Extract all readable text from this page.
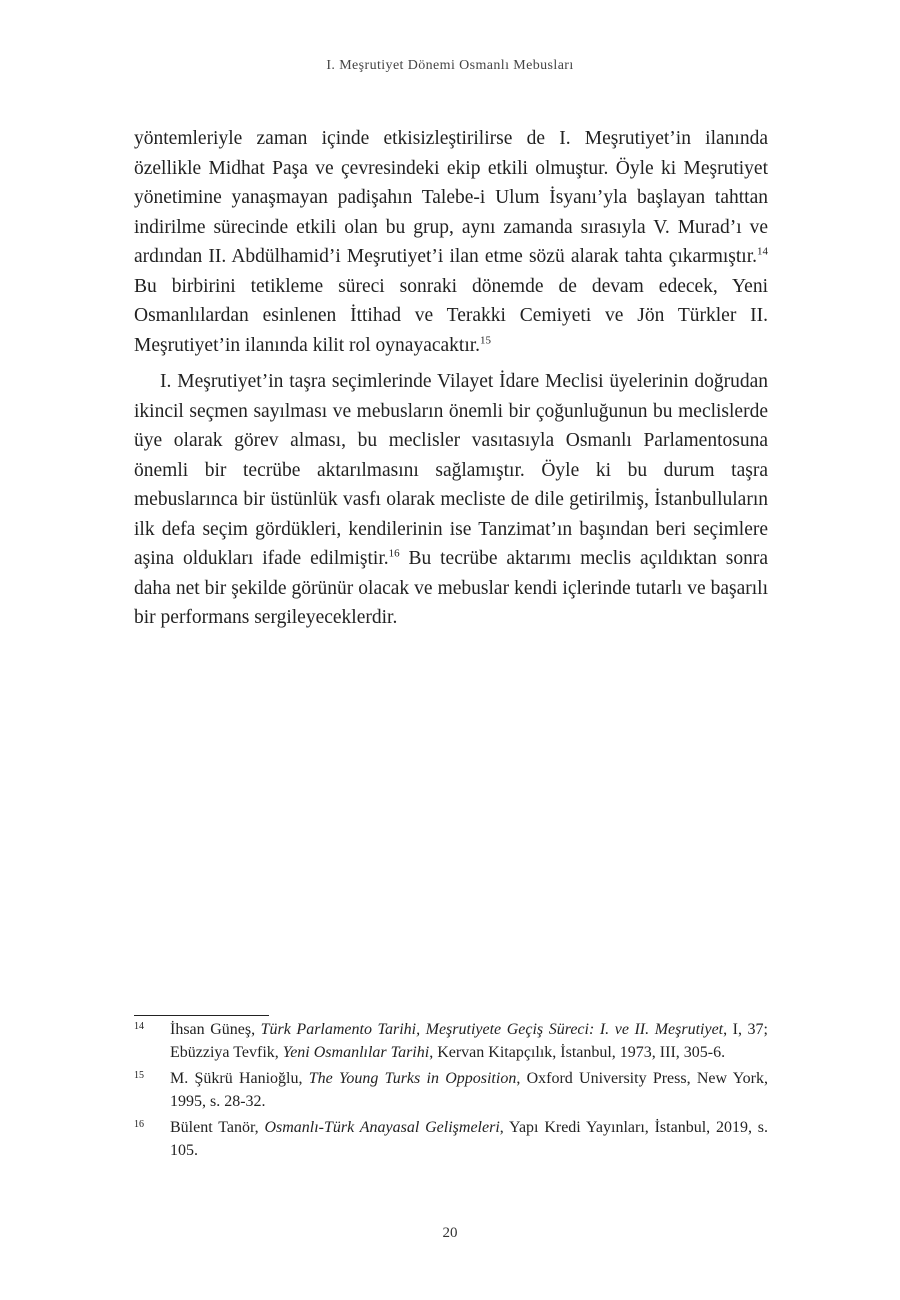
I. Meşrutiyet Dönemi Osmanlı Mebusları

yöntemleriyle zaman içinde etkisizleştirilirse de I. Meşrutiyet’in ilanında özellikle Midhat Paşa ve çevresindeki ekip etkili olmuştur. Öyle ki Meşrutiyet yönetimine yanaşmayan padişahın Talebe-i Ulum İsyanı’yla başlayan tahttan indirilme sürecinde etkili olan bu grup, aynı zamanda sırasıyla V. Murad’ı ve ardından II. Abdülhamid’i Meşrutiyet’i ilan etme sözü alarak tahta çıkarmıştır.$^{14}$ Bu birbirini tetikleme süreci sonraki dönemde de devam edecek, Yeni Osmanlılardan esinlenen İttihad ve Terakki Cemiyeti ve Jön Türkler II. Meşrutiyet’in ilanında kilit rol oynayacaktır.$^{15}$

I. Meşrutiyet’in taşra seçimlerinde Vilayet İdare Meclisi üyelerinin doğrudan ikincil seçmen sayılması ve mebusların önemli bir çoğunluğunun bu meclislerde üye olarak görev alması, bu meclisler vasıtasıyla Osmanlı Parlamentosuna önemli bir tecrübe aktarılmasını sağlamıştır. Öyle ki bu durum taşra mebuslarınca bir üstünlük vasfı olarak mecliste de dile getirilmiş, İstanbulluların ilk defa seçim gördükleri, kendilerinin ise Tanzimat’ın başından beri seçimlere aşina oldukları ifade edilmiştir.$^{16}$ Bu tecrübe aktarımı meclis açıldıktan sonra daha net bir şekilde görünür olacak ve mebuslar kendi içlerinde tutarlı ve başarılı bir performans sergileyeceklerdir.

14	İhsan Güneş, Türk Parlamento Tarihi, Meşrutiyete Geçiş Süreci: I. ve II. Meşrutiyet, I, 37; Ebüzziya Tevfik, Yeni Osmanlılar Tarihi, Kervan Kitapçılık, İstanbul, 1973, III, 305-6.
15	M. Şükrü Hanioğlu, The Young Turks in Opposition, Oxford University Press, New York, 1995, s. 28-32.
16	Bülent Tanör, Osmanlı-Türk Anayasal Gelişmeleri, Yapı Kredi Yayınları, İstanbul, 2019, s. 105.
20
